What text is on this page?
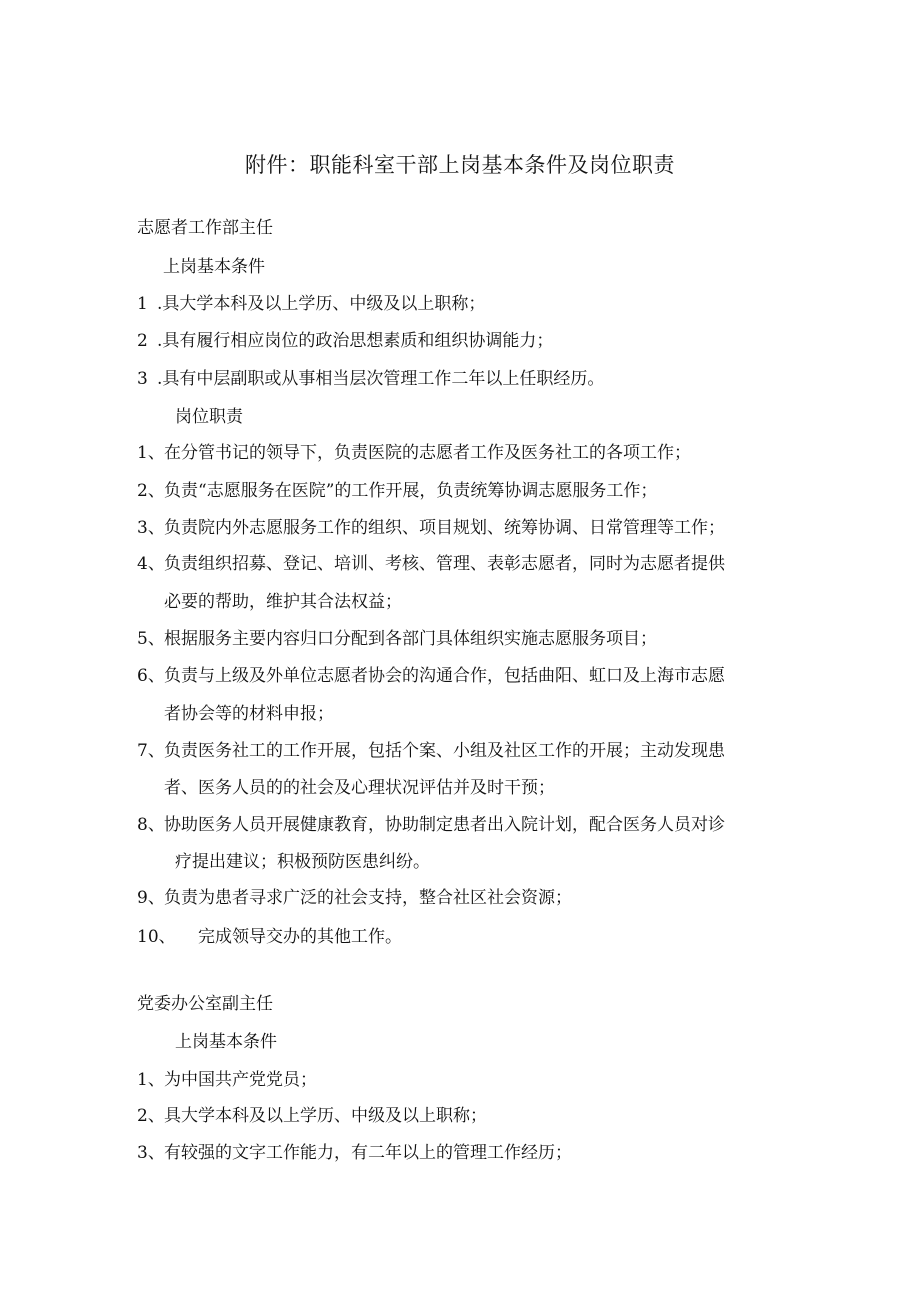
附件：职能科室干部上岗基本条件及岗位职责
志愿者工作部主任
上岗基本条件
1 .具大学本科及以上学历、中级及以上职称；
2 .具有履行相应岗位的政治思想素质和组织协调能力；
3 .具有中层副职或从事相当层次管理工作二年以上任职经历。
岗位职责
1、 在分管书记的领导下，负责医院的志愿者工作及医务社工的各项工作；
2、 负责“志愿服务在医院”的工作开展，负责统筹协调志愿服务工作；
3、 负责院内外志愿服务工作的组织、项目规划、统筹协调、日常管理等工作；
4、 负责组织招募、登记、培训、考核、管理、表彰志愿者，同时为志愿者提供
必要的帮助，维护其合法权益；
5、 根据服务主要内容归口分配到各部门具体组织实施志愿服务项目；
6、 负责与上级及外单位志愿者协会的沟通合作，包括曲阳、虹口及上海市志愿
者协会等的材料申报；
7、 负责医务社工的工作开展，包括个案、小组及社区工作的开展；主动发现患
者、医务人员的的社会及心理状况评估并及时干预；
8、 协助医务人员开展健康教育，协助制定患者出入院计划，配合医务人员对诊
疗提出建议；积极预防医患纠纷。
9、 负责为患者寻求广泛的社会支持，整合社区社会资源；
10、 完成领导交办的其他工作。
党委办公室副主任
上岗基本条件
1、 为中国共产党党员；
2、 具大学本科及以上学历、中级及以上职称；
3、 有较强的文字工作能力，有二年以上的管理工作经历；
